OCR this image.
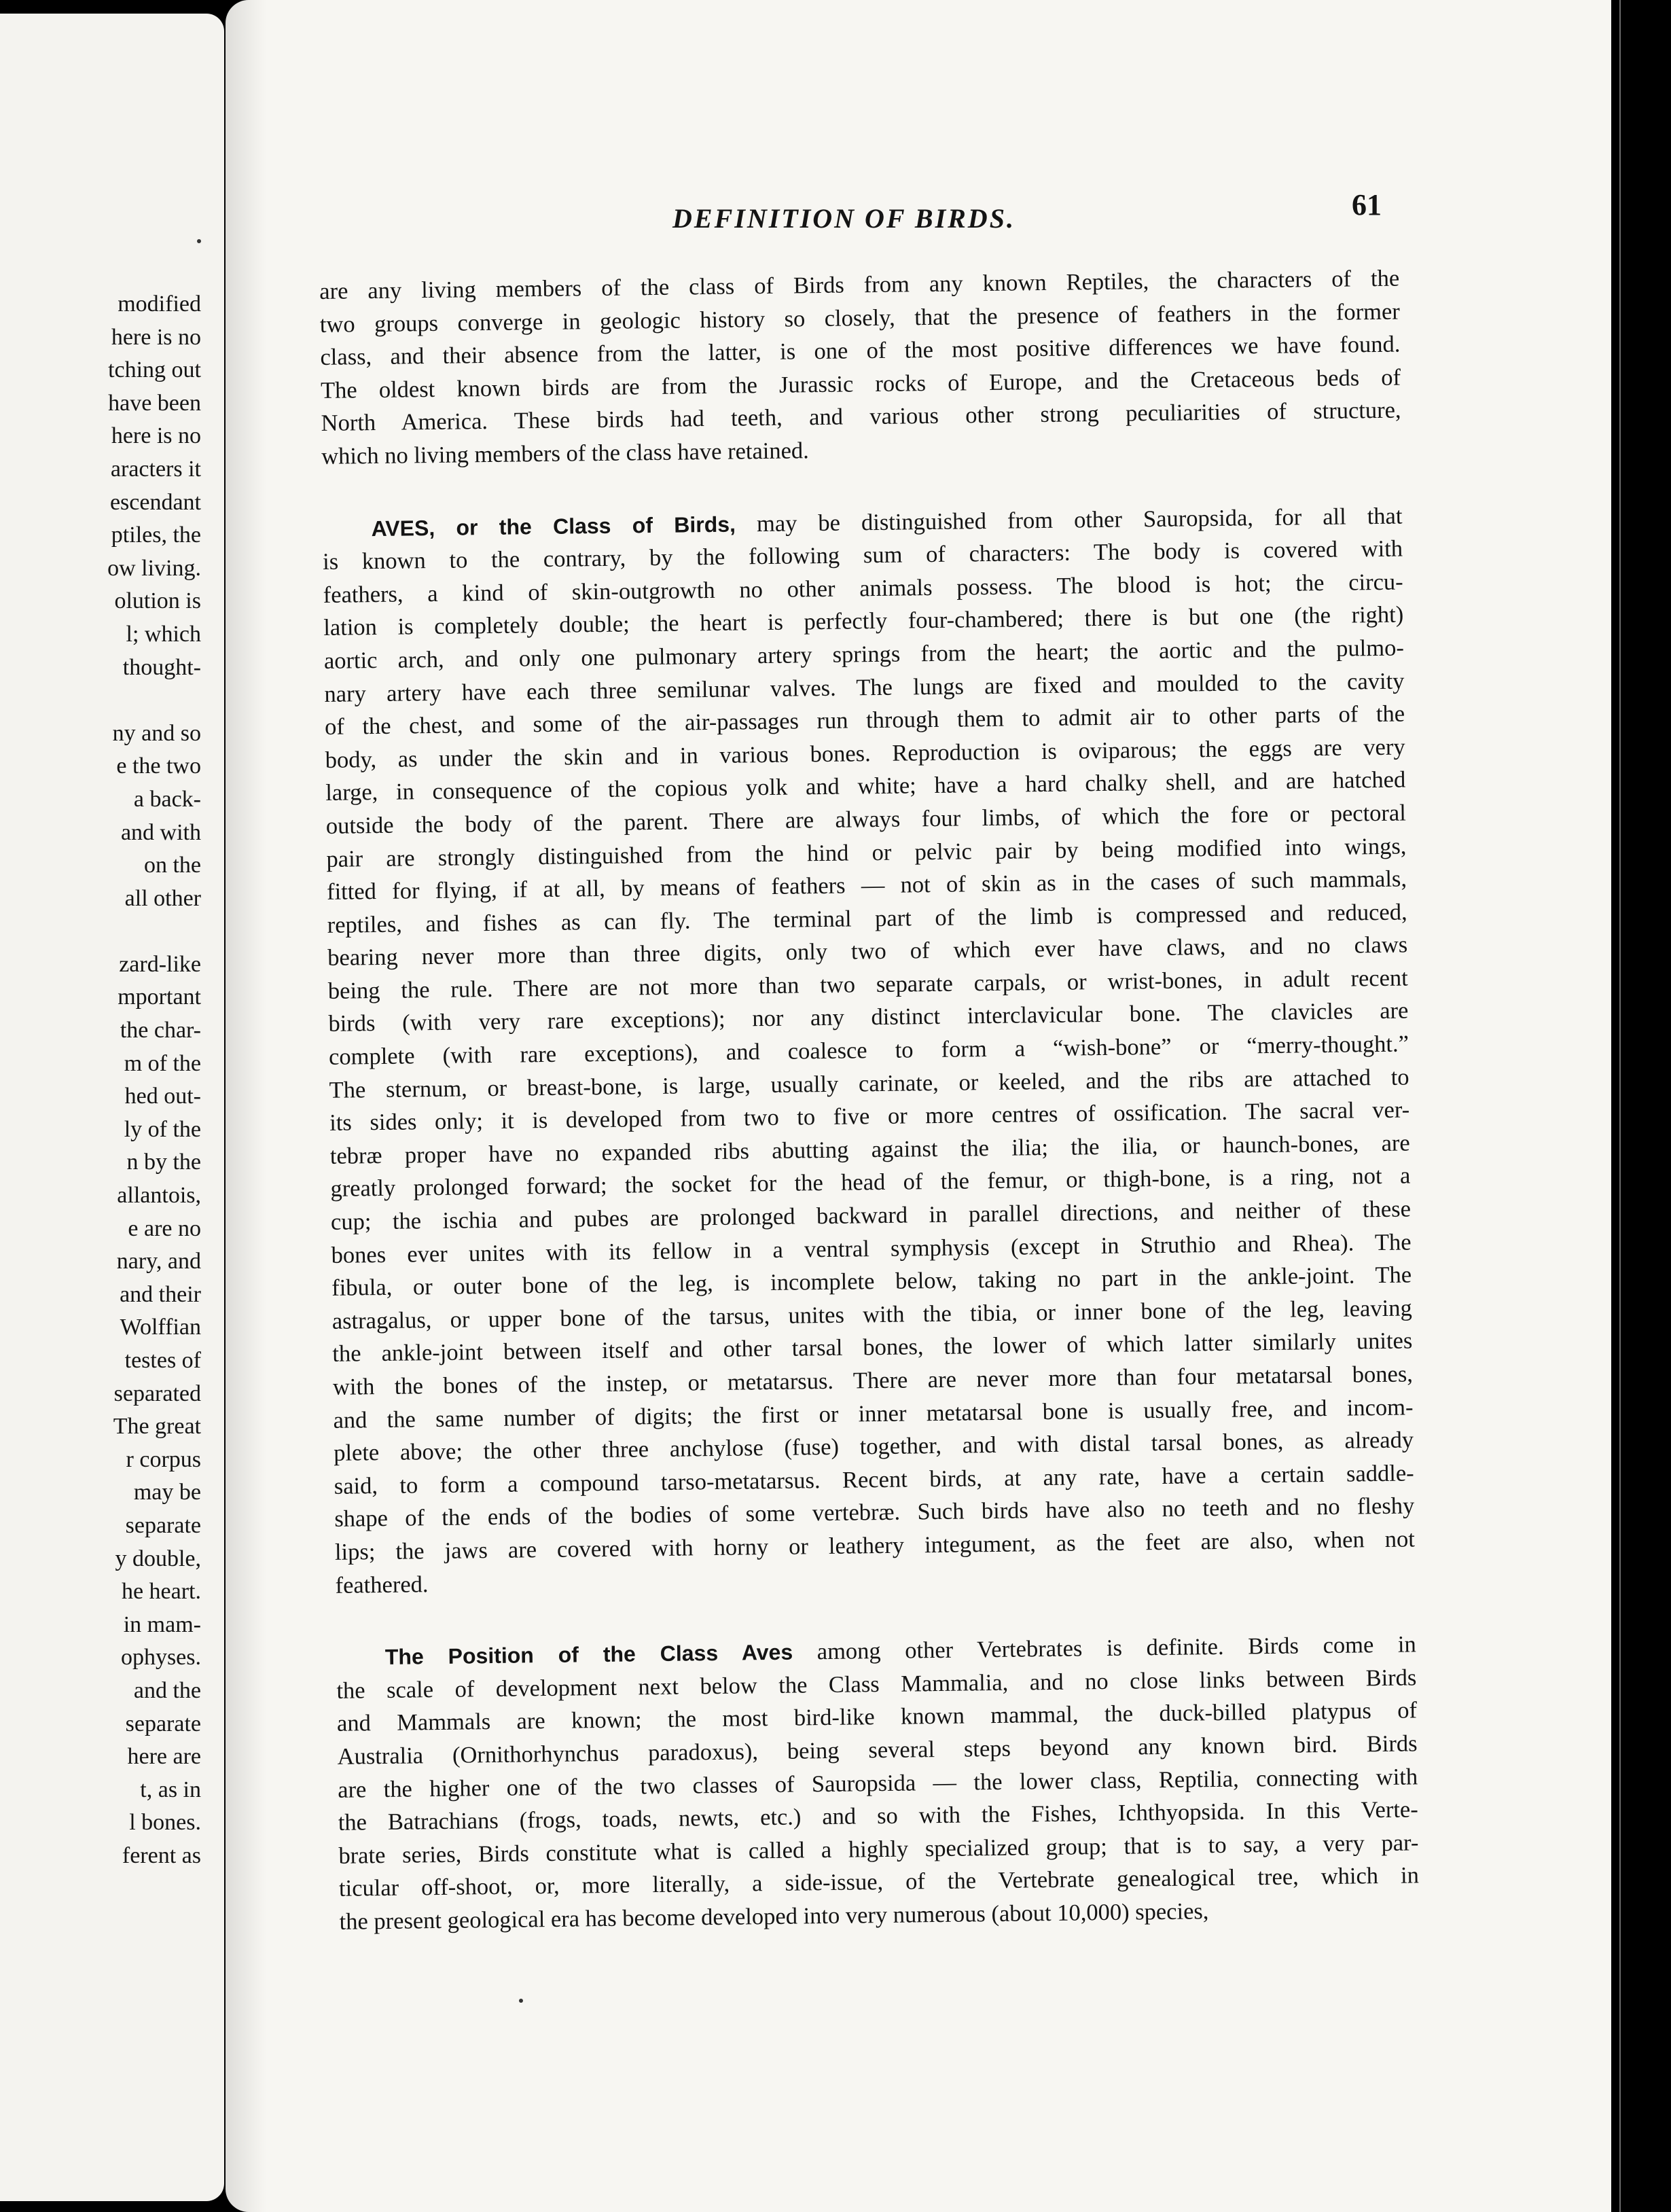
modified
here is no
tching out
have been
here is no
aracters it
escendant
ptiles, the
ow living.
olution is
l; which
thought-
ny and so
e the two
a back-
and with
on the
all other
zard-like
mportant
the char-
m of the
hed out-
ly of the
n by the
allantois,
e are no
nary, and
and their
Wolffian
testes of
separated
The great
r corpus
may be
separate
y double,
he heart.
in mam-
ophyses.
and the
separate
here are
t, as in
l bones.
ferent as
DEFINITION OF BIRDS.	61
are any living members of the class of Birds from any known Reptiles, the characters of the
two groups converge in geologic history so closely, that the presence of feathers in the former
class, and their absence from the latter, is one of the most positive differences we have found.
The oldest known birds are from the Jurassic rocks of Europe, and the Cretaceous beds of
North America. These birds had teeth, and various other strong peculiarities of structure,
which no living members of the class have retained.
AVES, or the Class of Birds, may be distinguished from other Sauropsida, for all that
is known to the contrary, by the following sum of characters: The body is covered with
feathers, a kind of skin-outgrowth no other animals possess. The blood is hot; the circu-
lation is completely double; the heart is perfectly four-chambered; there is but one (the right)
aortic arch, and only one pulmonary artery springs from the heart; the aortic and the pulmo-
nary artery have each three semilunar valves. The lungs are fixed and moulded to the cavity
of the chest, and some of the air-passages run through them to admit air to other parts of the
body, as under the skin and in various bones. Reproduction is oviparous; the eggs are very
large, in consequence of the copious yolk and white; have a hard chalky shell, and are hatched
outside the body of the parent. There are always four limbs, of which the fore or pectoral
pair are strongly distinguished from the hind or pelvic pair by being modified into wings,
fitted for flying, if at all, by means of feathers — not of skin as in the cases of such mammals,
reptiles, and fishes as can fly. The terminal part of the limb is compressed and reduced,
bearing never more than three digits, only two of which ever have claws, and no claws
being the rule. There are not more than two separate carpals, or wrist-bones, in adult recent
birds (with very rare exceptions); nor any distinct interclavicular bone. The clavicles are
complete (with rare exceptions), and coalesce to form a “wish-bone” or “merry-thought.”
The sternum, or breast-bone, is large, usually carinate, or keeled, and the ribs are attached to
its sides only; it is developed from two to five or more centres of ossification. The sacral ver-
tebræ proper have no expanded ribs abutting against the ilia; the ilia, or haunch-bones, are
greatly prolonged forward; the socket for the head of the femur, or thigh-bone, is a ring, not a
cup; the ischia and pubes are prolonged backward in parallel directions, and neither of these
bones ever unites with its fellow in a ventral symphysis (except in Struthio and Rhea). The
fibula, or outer bone of the leg, is incomplete below, taking no part in the ankle-joint. The
astragalus, or upper bone of the tarsus, unites with the tibia, or inner bone of the leg, leaving
the ankle-joint between itself and other tarsal bones, the lower of which latter similarly unites
with the bones of the instep, or metatarsus. There are never more than four metatarsal bones,
and the same number of digits; the first or inner metatarsal bone is usually free, and incom-
plete above; the other three anchylose (fuse) together, and with distal tarsal bones, as already
said, to form a compound tarso-metatarsus. Recent birds, at any rate, have a certain saddle-
shape of the ends of the bodies of some vertebræ. Such birds have also no teeth and no fleshy
lips; the jaws are covered with horny or leathery integument, as the feet are also, when not
feathered.
The Position of the Class Aves among other Vertebrates is definite. Birds come in
the scale of development next below the Class Mammalia, and no close links between Birds
and Mammals are known; the most bird-like known mammal, the duck-billed platypus of
Australia (Ornithorhynchus paradoxus), being several steps beyond any known bird. Birds
are the higher one of the two classes of Sauropsida — the lower class, Reptilia, connecting with
the Batrachians (frogs, toads, newts, etc.) and so with the Fishes, Ichthyopsida. In this Verte-
brate series, Birds constitute what is called a highly specialized group; that is to say, a very par-
ticular off-shoot, or, more literally, a side-issue, of the Vertebrate genealogical tree, which in
the present geological era has become developed into very numerous (about 10,000) species,
